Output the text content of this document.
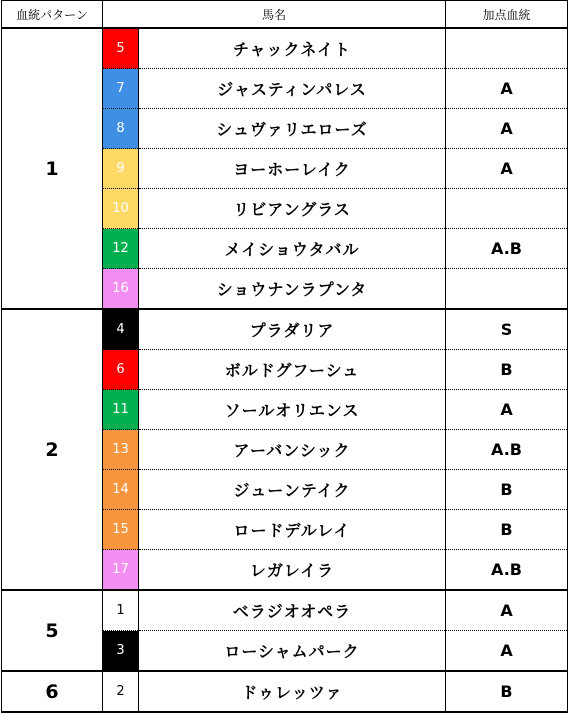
血統パターン	馬名		加点血統
1	5	チャックネイト	
	7	ジャスティンパレス	A
	8	シュヴァリエローズ	A
	9	ヨーホーレイク	A
	10	リビアングラス	
	12	メイショウタバル	A.B
	16	ショウナンラプンタ	
2	4	プラダリア	S
	6	ボルドグフーシュ	B
	11	ソールオリエンス	A
	13	アーバンシック	A.B
	14	ジューンテイク	B
	15	ロードデルレイ	B
	17	レガレイラ	A.B
5	1	ベラジオオペラ	A
	3	ローシャムパーク	A
6	2	ドゥレッツァ	B
